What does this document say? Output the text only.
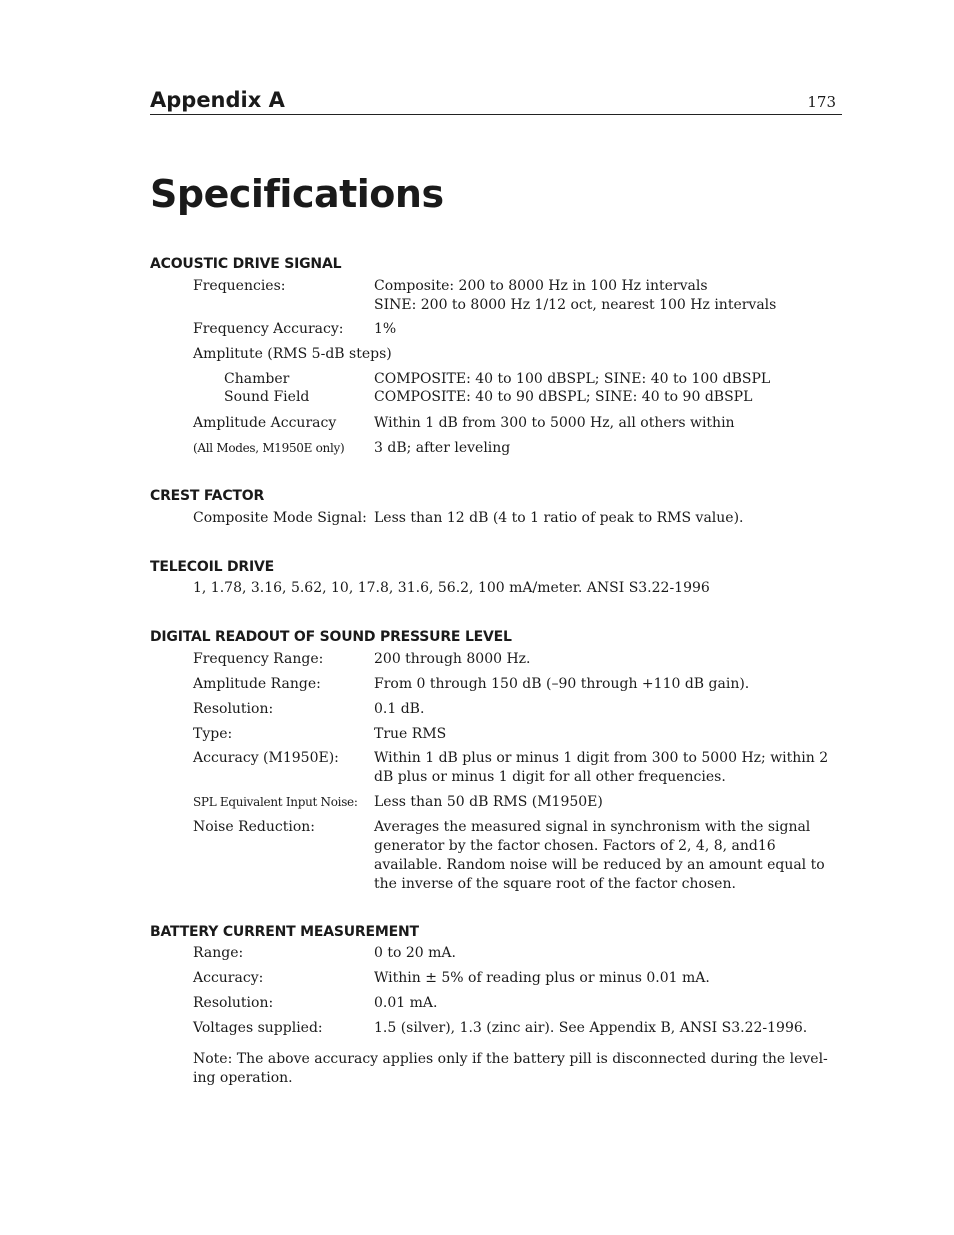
Appendix A	173
Specifications
ACOUSTIC DRIVE SIGNAL
Frequencies:	Composite: 200 to 8000 Hz in 100 Hz intervals
SINE: 200 to 8000 Hz 1/12 oct, nearest 100 Hz intervals
Frequency Accuracy: 1%
Amplitute (RMS 5-dB steps)
Chamber	COMPOSITE: 40 to 100 dBSPL; SINE: 40 to 100 dBSPL
Sound Field	COMPOSITE: 40 to 90 dBSPL; SINE: 40 to 90 dBSPL
Amplitude Accuracy	Within 1 dB from 300 to 5000 Hz, all others within
(All Modes, M1950E only) 3 dB; after leveling
CREST FACTOR
Composite Mode Signal: Less than 12 dB (4 to 1 ratio of peak to RMS value).
TELECOIL DRIVE
1, 1.78, 3.16, 5.62, 10, 17.8, 31.6, 56.2, 100 mA/meter. ANSI S3.22-1996
DIGITAL READOUT OF SOUND PRESSURE LEVEL
Frequency Range:	200 through 8000 Hz.
Amplitude Range:	From 0 through 150 dB (–90 through +110 dB gain).
Resolution:	0.1 dB.
Type:	True RMS
Accuracy (M1950E):	Within 1 dB plus or minus 1 digit from 300 to 5000 Hz; within 2 dB plus or minus 1 digit for all other frequencies.
SPL Equivalent Input Noise: Less than 50 dB RMS (M1950E)
Noise Reduction:	Averages the measured signal in synchronism with the signal generator by the factor chosen. Factors of 2, 4, 8, and16 available. Random noise will be reduced by an amount equal to the inverse of the square root of the factor chosen.
BATTERY CURRENT MEASUREMENT
Range:	0 to 20 mA.
Accuracy:	Within ± 5% of reading plus or minus 0.01 mA.
Resolution:	0.01 mA.
Voltages supplied:	1.5 (silver), 1.3 (zinc air). See Appendix B, ANSI S3.22-1996.
Note: The above accuracy applies only if the battery pill is disconnected during the level-ing operation.
